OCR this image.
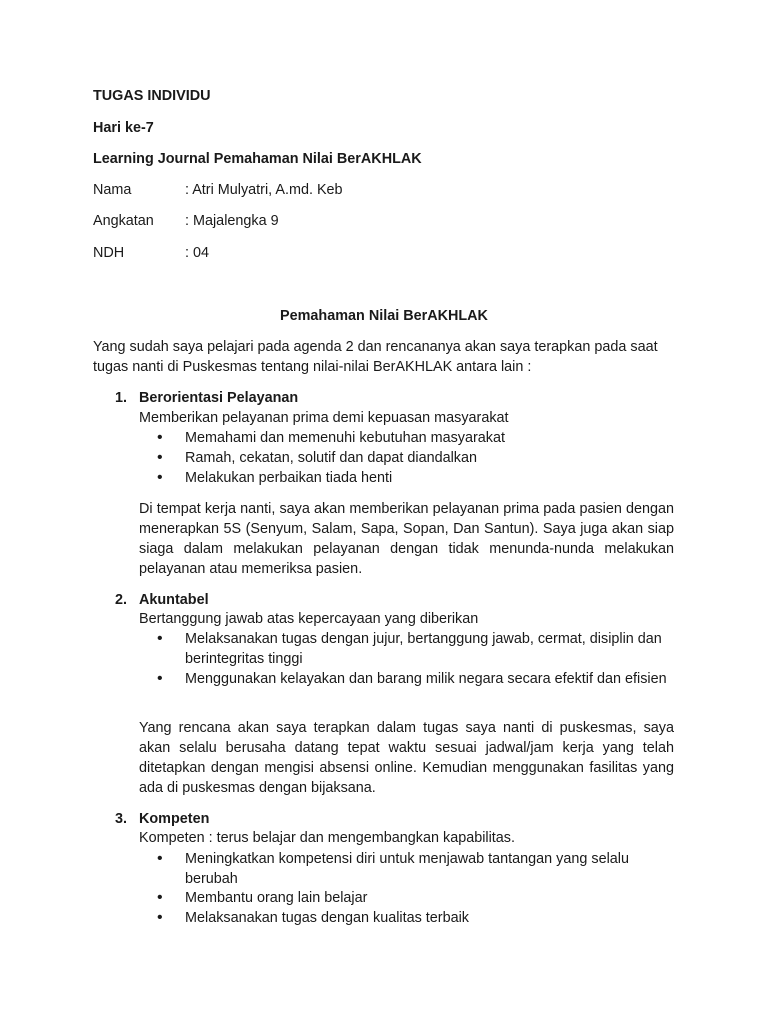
TUGAS INDIVIDU
Hari ke-7
Learning Journal Pemahaman Nilai BerAKHLAK
Nama	: Atri Mulyatri, A.md. Keb
Angkatan : Majalengka 9
NDH	: 04
Pemahaman Nilai BerAKHLAK
Yang sudah saya pelajari pada agenda 2 dan rencananya akan saya terapkan pada saat tugas nanti di Puskesmas tentang nilai-nilai BerAKHLAK antara lain :
1. Berorientasi Pelayanan
Memberikan pelayanan prima demi kepuasan masyarakat
• Memahami dan memenuhi kebutuhan masyarakat
• Ramah, cekatan, solutif dan dapat diandalkan
• Melakukan perbaikan tiada henti
Di tempat kerja nanti, saya akan memberikan pelayanan prima pada pasien dengan menerapkan 5S (Senyum, Salam, Sapa, Sopan, Dan Santun). Saya juga akan siap siaga dalam melakukan pelayanan dengan tidak menunda-nunda melakukan pelayanan atau memeriksa pasien.
2. Akuntabel
Bertanggung jawab atas kepercayaan yang diberikan
• Melaksanakan tugas dengan jujur, bertanggung jawab, cermat, disiplin dan berintegritas tinggi
• Menggunakan kelayakan dan barang milik negara secara efektif dan efisien
Yang rencana akan saya terapkan dalam tugas saya nanti di puskesmas, saya akan selalu berusaha datang tepat waktu sesuai jadwal/jam kerja yang telah ditetapkan dengan mengisi absensi online. Kemudian menggunakan fasilitas yang ada di puskesmas dengan bijaksana.
3. Kompeten
Kompeten : terus belajar dan mengembangkan kapabilitas.
• Meningkatkan kompetensi diri untuk menjawab tantangan yang selalu berubah
• Membantu orang lain belajar
• Melaksanakan tugas dengan kualitas terbaik
